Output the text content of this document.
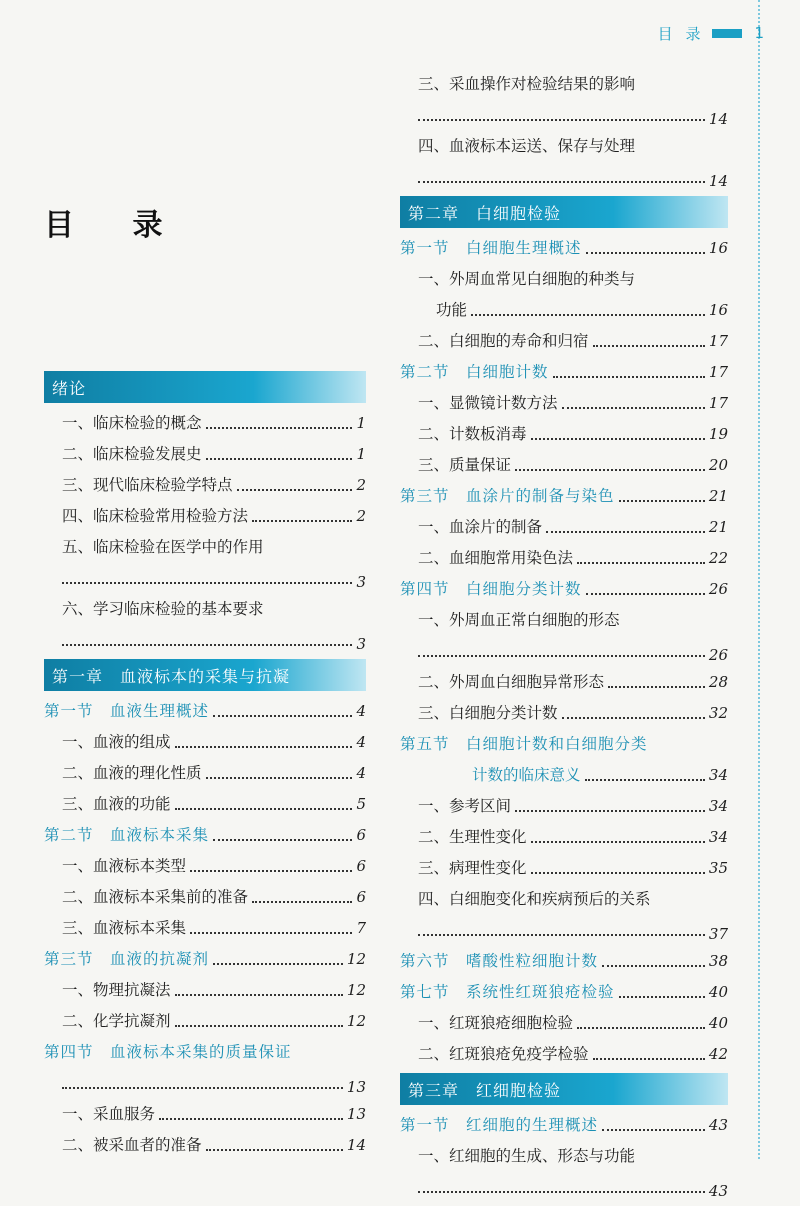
目 录	1
目 录
绪论
一、临床检验的概念	1
二、临床检验发展史	1
三、现代临床检验学特点	2
四、临床检验常用检验方法	2
五、临床检验在医学中的作用
3
六、学习临床检验的基本要求
3
第一章　血液标本的采集与抗凝
第一节　血液生理概述	4
一、血液的组成	4
二、血液的理化性质	4
三、血液的功能	5
第二节　血液标本采集	6
一、血液标本类型	6
二、血液标本采集前的准备	6
三、血液标本采集	7
第三节　血液的抗凝剂	12
一、物理抗凝法	12
二、化学抗凝剂	12
第四节　血液标本采集的质量保证
13
一、采血服务	13
二、被采血者的准备	14
三、采血操作对检验结果的影响
14
四、血液标本运送、保存与处理
14
第二章　白细胞检验
第一节　白细胞生理概述	16
一、外周血常见白细胞的种类与
功能	16
二、白细胞的寿命和归宿	17
第二节　白细胞计数	17
一、显微镜计数方法	17
二、计数板消毒	19
三、质量保证	20
第三节　血涂片的制备与染色	21
一、血涂片的制备	21
二、血细胞常用染色法	22
第四节　白细胞分类计数	26
一、外周血正常白细胞的形态
26
二、外周血白细胞异常形态	28
三、白细胞分类计数	32
第五节　白细胞计数和白细胞分类
计数的临床意义	34
一、参考区间	34
二、生理性变化	34
三、病理性变化	35
四、白细胞变化和疾病预后的关系
37
第六节　嗜酸性粒细胞计数	38
第七节　系统性红斑狼疮检验	40
一、红斑狼疮细胞检验	40
二、红斑狼疮免疫学检验	42
第三章　红细胞检验
第一节　红细胞的生理概述	43
一、红细胞的生成、形态与功能
43
